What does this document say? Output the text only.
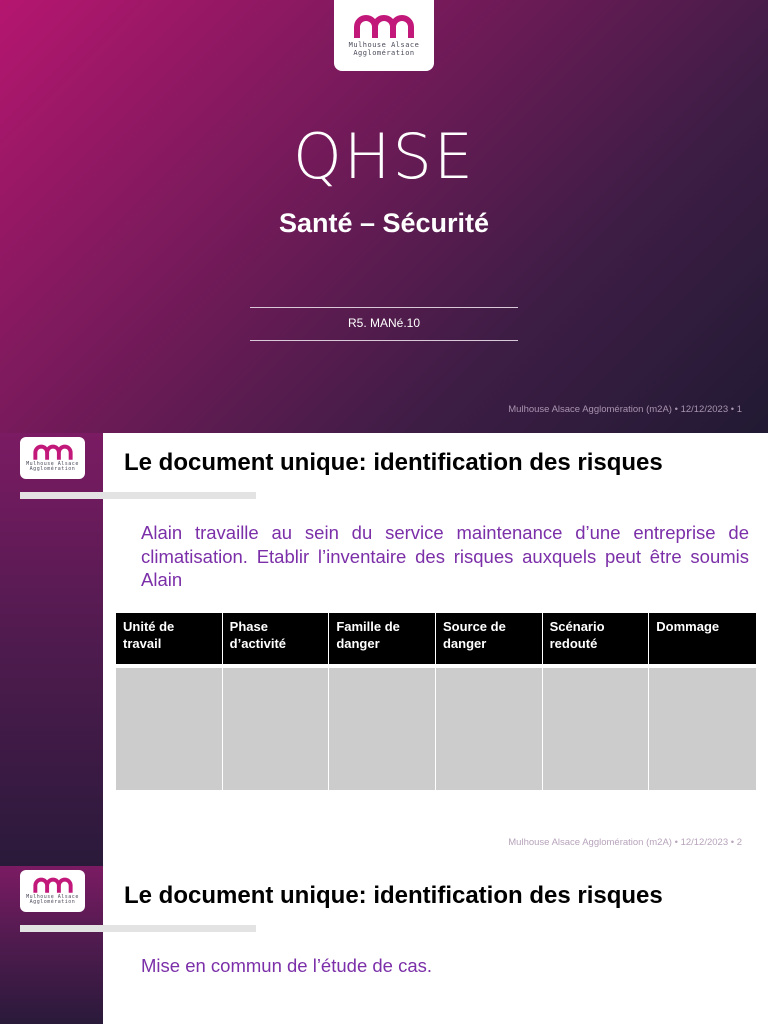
Mulhouse Alsace
Agglomération
QHSE
Santé – Sécurité
R5. MANé.10
Mulhouse Alsace Agglomération (m2A) • 12/12/2023 • 1
Mulhouse Alsace
Agglomération Le document unique: identification des risques

Alain travaille au sein du service maintenance d’une entreprise de climatisation. Etablir l’inventaire des risques auxquels peut être soumis Alain

Unité de travail	Phase d’activité	Famille de danger	Source de danger	Scénario redouté	Dommage

Mulhouse Alsace Agglomération (m2A) • 12/12/2023 • 2
Mulhouse Alsace
Agglomération Le document unique: identification des risques

Mise en commun de l’étude de cas.
